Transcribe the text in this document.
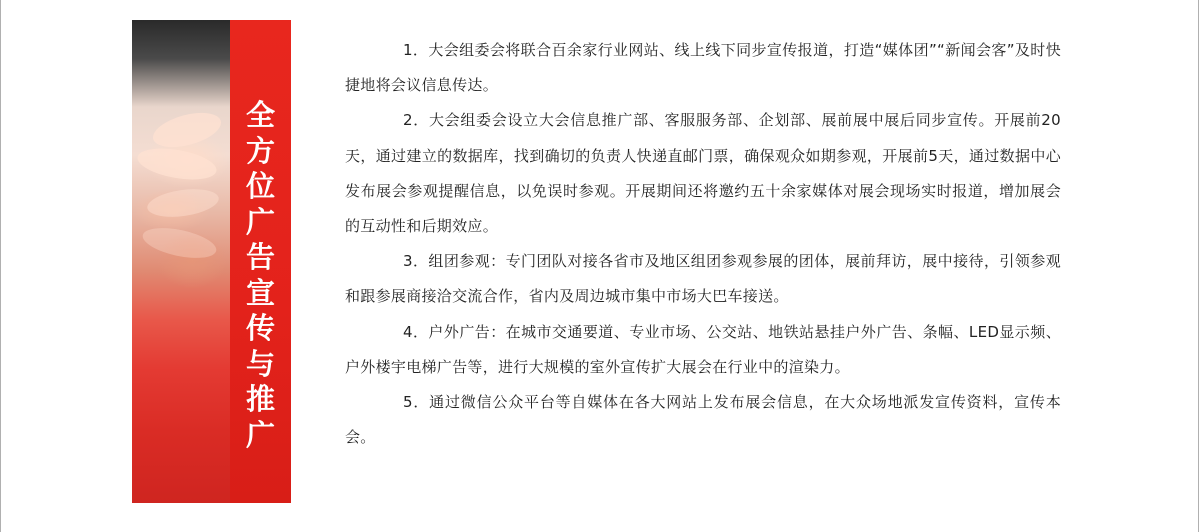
全
方
位
广
告
宣
传
与
推
广

1．大会组委会将联合百余家行业网站、线上线下同步宣传报道，打造“媒体团”“新闻会客”及时快捷地将会议信息传达。

2．大会组委会设立大会信息推广部、客服服务部、企划部、展前展中展后同步宣传。开展前20天，通过建立的数据库，找到确切的负责人快递直邮门票，确保观众如期参观，开展前5天，通过数据中心发布展会参观提醒信息，以免误时参观。开展期间还将邀约五十余家媒体对展会现场实时报道，增加展会的互动性和后期效应。

3．组团参观：专门团队对接各省市及地区组团参观参展的团体，展前拜访，展中接待，引领参观和跟参展商接洽交流合作，省内及周边城市集中市场大巴车接送。

4．户外广告：在城市交通要道、专业市场、公交站、地铁站悬挂户外广告、条幅、LED显示频、户外楼宇电梯广告等，进行大规模的室外宣传扩大展会在行业中的渲染力。

5．通过微信公众平台等自媒体在各大网站上发布展会信息，在大众场地派发宣传资料，宣传本会。
